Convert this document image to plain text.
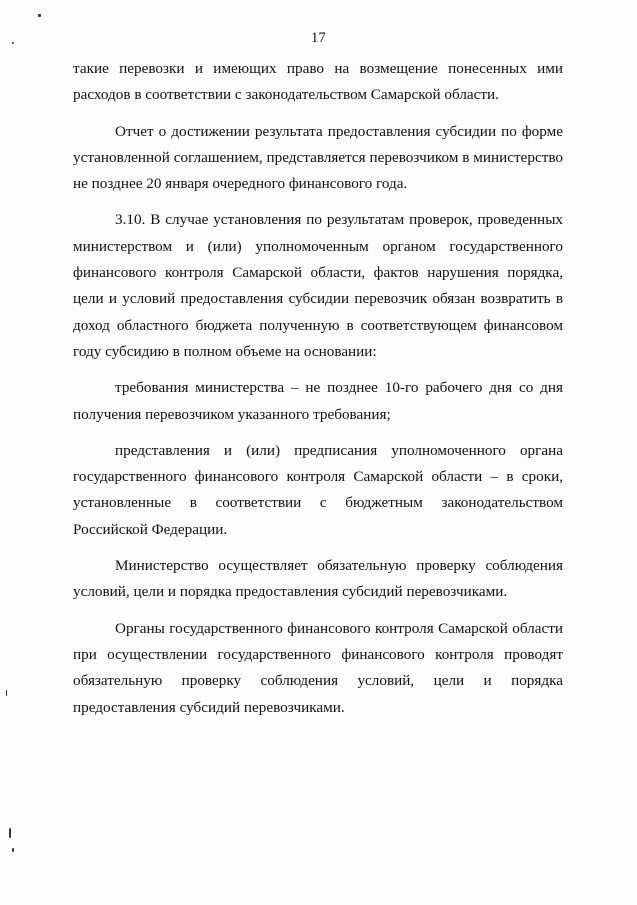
17

такие перевозки и имеющих право на возмещение понесенных ими расходов в соответствии с законодательством Самарской области.

Отчет о достижении результата предоставления субсидии по форме установленной соглашением, представляется перевозчиком в министерство не позднее 20 января очередного финансового года.

3.10. В случае установления по результатам проверок, проведенных министерством и (или) уполномоченным органом государственного финансового контроля Самарской области, фактов нарушения порядка, цели и условий предоставления субсидии перевозчик обязан возвратить в доход областного бюджета полученную в соответствующем финансовом году субсидию в полном объеме на основании:

требования министерства – не позднее 10-го рабочего дня со дня получения перевозчиком указанного требования;

представления и (или) предписания уполномоченного органа государственного финансового контроля Самарской области – в сроки, установленные в соответствии с бюджетным законодательством Российской Федерации.

Министерство осуществляет обязательную проверку соблюдения условий, цели и порядка предоставления субсидий перевозчиками.

Органы государственного финансового контроля Самарской области при осуществлении государственного финансового контроля проводят обязательную проверку соблюдения условий, цели и порядка предоставления субсидий перевозчиками.
